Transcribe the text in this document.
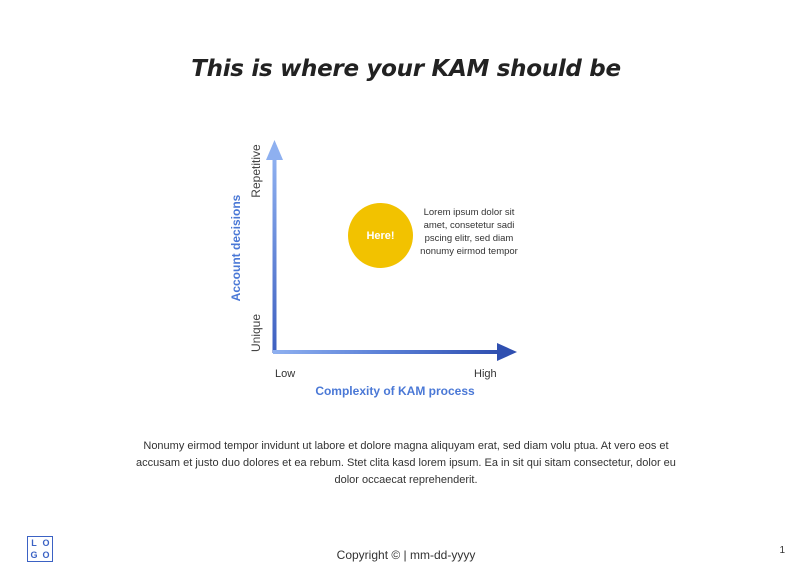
This is where your KAM should be
Repetitive
Unique
Account decisions
Low	High
Complexity of KAM process
Here!
Lorem ipsum dolor sit amet, consetetur sadi pscing elitr, sed diam nonumy eirmod tempor
Nonumy eirmod tempor invidunt ut labore et dolore magna aliquyam erat, sed diam volu ptua. At vero eos et accusam et justo duo dolores et ea rebum. Stet clita kasd lorem ipsum. Ea in sit qui sitam consectetur, dolor eu dolor occaecat reprehenderit.
L O
G O	Copyright © | mm-dd-yyyy	1
